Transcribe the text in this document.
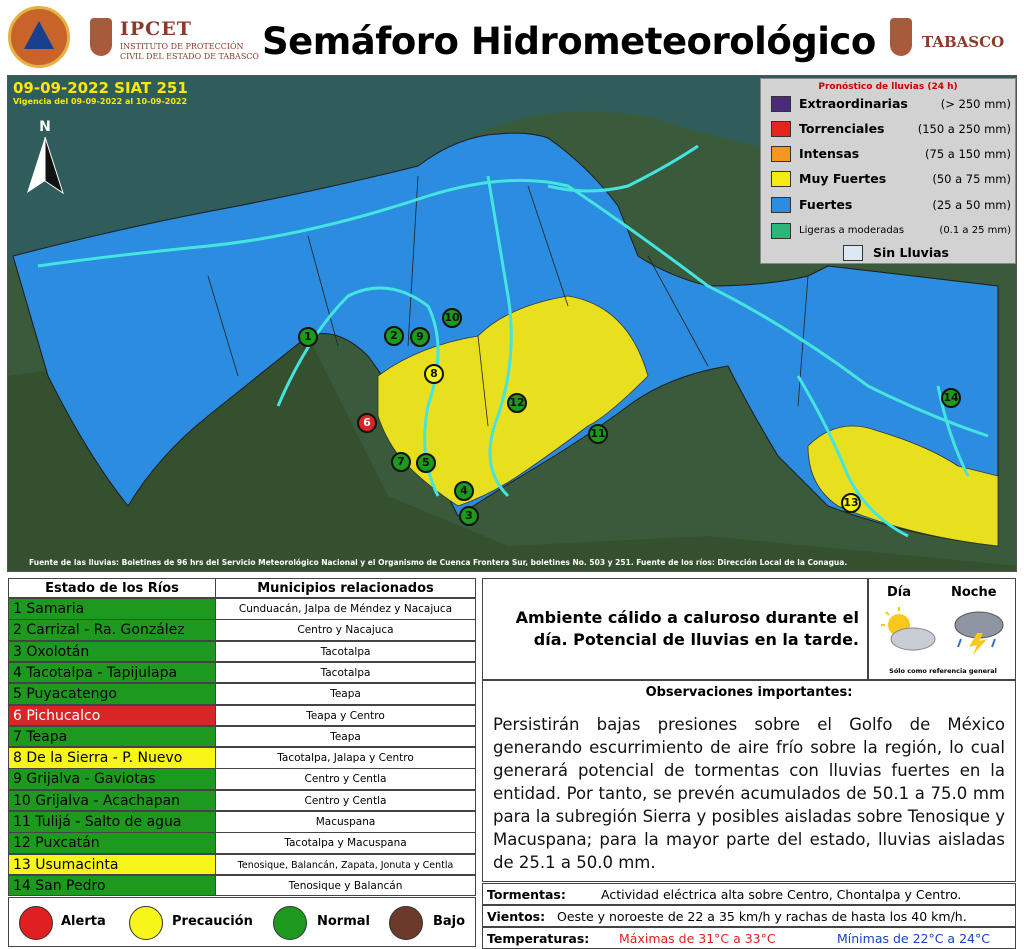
IPCET
INSTITUTO DE PROTECCIÓN CIVIL DEL ESTADO DE TABASCO Semáforo Hidrometeorológico	TABASCO
09-09-2022 SIAT 251
Vigencia del 09-09-2022 al 10-09-2022
N
Fuente de las lluvias: Boletines de 96 hrs del Servicio Meteorológico Nacional y el Organismo de Cuenca Frontera Sur, boletines No. 503 y 251. Fuente de los ríos: Dirección Local de la Conagua.
1	2
3
4
5
6
7
8
9
10
11
12
13
14
Pronóstico de lluvias (24 h)
Extraordinarias	(> 250 mm)
Torrenciales	(150 a 250 mm)
Intensas	(75 a 150 mm)
Muy Fuertes	(50 a 75 mm)
Fuertes	(25 a 50 mm)
Ligeras a moderadas	(0.1 a 25 mm)
Sin Lluvias
Estado de los Ríos	Municipios relacionados
1 Samaria	Cunduacán, Jalpa de Méndez y Nacajuca
2 Carrizal - Ra. González	Centro y Nacajuca
3 Oxolotán	Tacotalpa
4 Tacotalpa - Tapijulapa	Tacotalpa
5 Puyacatengo	Teapa
6 Pichucalco	Teapa y Centro
7 Teapa	Teapa
8 De la Sierra - P. Nuevo	Tacotalpa, Jalapa y Centro
9 Grijalva - Gaviotas	Centro y Centla
10 Grijalva - Acachapan	Centro y Centla
11 Tulijá - Salto de agua	Macuspana
12 Puxcatán	Tacotalpa y Macuspana
13 Usumacinta	Tenosique, Balancán, Zapata, Jonuta y Centla
14 San Pedro	Tenosique y Balancán
Alerta	Precaución	Normal	Bajo
Ambiente cálido a caluroso durante el día. Potencial de lluvias en la tarde.
Día	Noche
Sólo como referencia general
Observaciones importantes:
Persistirán bajas presiones sobre el Golfo de México generando escurrimiento de aire frío sobre la región, lo cual generará potencial de tormentas con lluvias fuertes en la entidad. Por tanto, se prevén acumulados de 50.1 a 75.0 mm para la subregión Sierra y posibles aisladas sobre Tenosique y Macuspana; para la mayor parte del estado, lluvias aisladas de 25.1 a 50.0 mm.
Tormentas:	Actividad eléctrica alta sobre Centro, Chontalpa y Centro.
Vientos: Oeste y noroeste de 22 a 35 km/h y rachas de hasta los 40 km/h.
Temperaturas: Máximas de 31°C a 33°C	Mínimas de 22°C a 24°C
